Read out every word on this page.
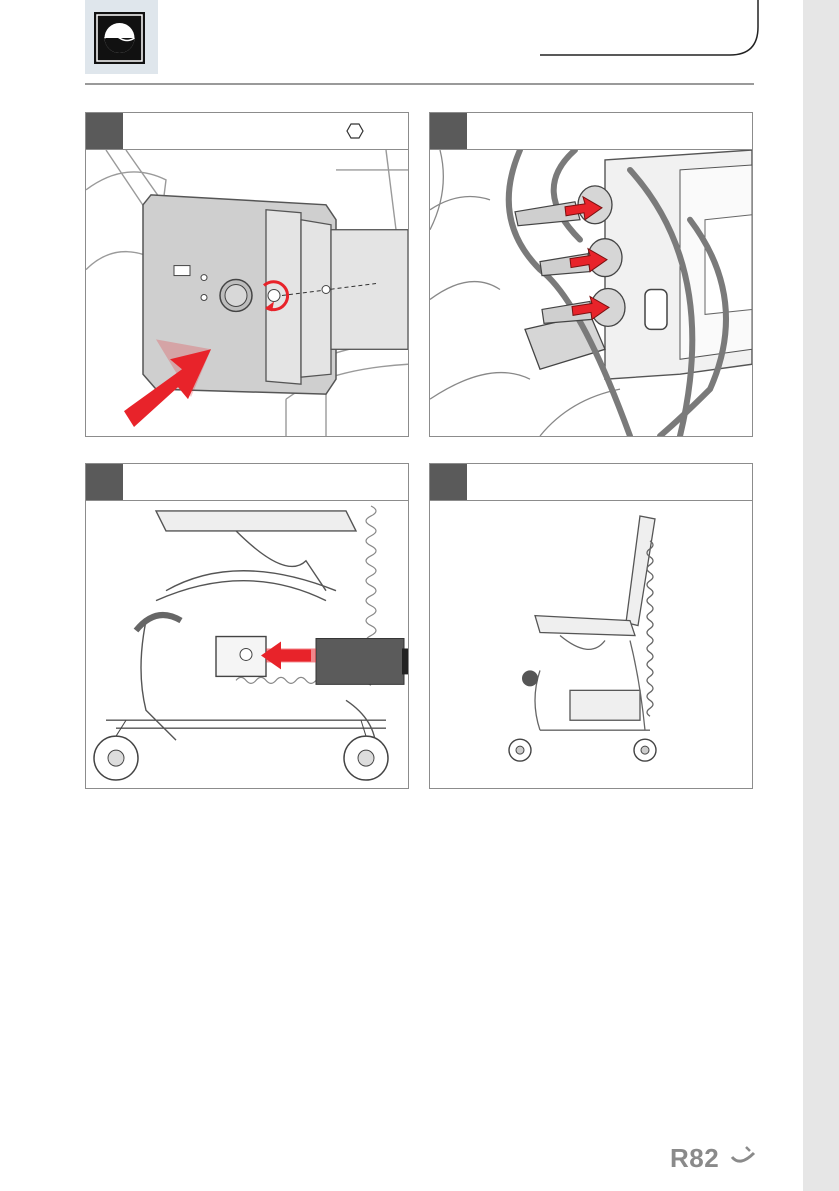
R82
